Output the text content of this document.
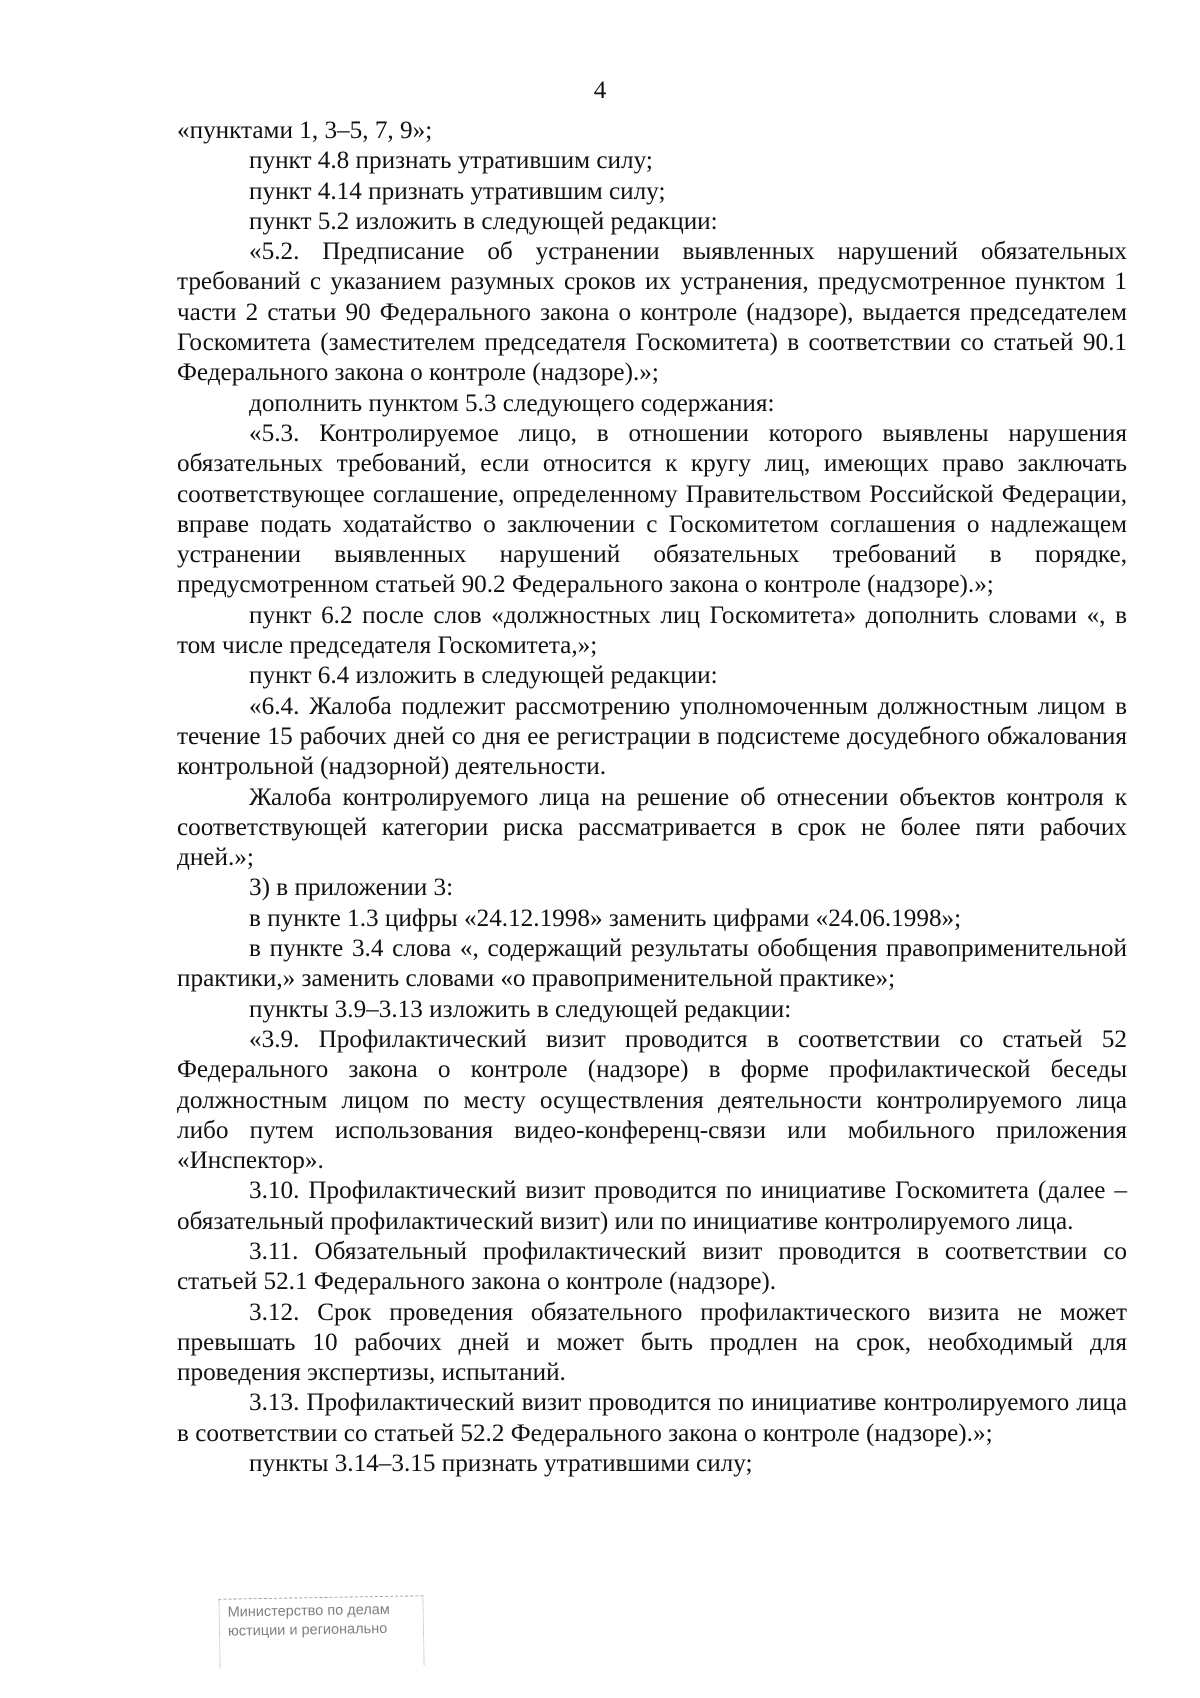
4

«пунктами 1, 3–5, 7, 9»;

пункт 4.8 признать утратившим силу;

пункт 4.14 признать утратившим силу;

пункт 5.2 изложить в следующей редакции:

«5.2. Предписание об устранении выявленных нарушений обязательных требований с указанием разумных сроков их устранения, предусмотренное пунктом 1 части 2 статьи 90 Федерального закона о контроле (надзоре), выдается председателем Госкомитета (заместителем председателя Госкомитета) в соответствии со статьей 90.1 Федерального закона о контроле (надзоре).»;

дополнить пунктом 5.3 следующего содержания:

«5.3. Контролируемое лицо, в отношении которого выявлены нарушения обязательных требований, если относится к кругу лиц, имеющих право заключать соответствующее соглашение, определенному Правительством Российской Федерации, вправе подать ходатайство о заключении с Госкомитетом соглашения о надлежащем устранении выявленных нарушений обязательных требований в порядке, предусмотренном статьей 90.2 Федерального закона о контроле (надзоре).»;

пункт 6.2 после слов «должностных лиц Госкомитета» дополнить словами «, в том числе председателя Госкомитета,»;

пункт 6.4 изложить в следующей редакции:

«6.4. Жалоба подлежит рассмотрению уполномоченным должностным лицом в течение 15 рабочих дней со дня ее регистрации в подсистеме досудебного обжалования контрольной (надзорной) деятельности.

Жалоба контролируемого лица на решение об отнесении объектов контроля к соответствующей категории риска рассматривается в срок не более пяти рабочих дней.»;

3) в приложении 3:

в пункте 1.3 цифры «24.12.1998» заменить цифрами «24.06.1998»;

в пункте 3.4 слова «, содержащий результаты обобщения правоприменительной практики,» заменить словами «о правоприменительной практике»;

пункты 3.9–3.13 изложить в следующей редакции:

«3.9. Профилактический визит проводится в соответствии со статьей 52 Федерального закона о контроле (надзоре) в форме профилактической беседы должностным лицом по месту осуществления деятельности контролируемого лица либо путем использования видео-конференц-связи или мобильного приложения «Инспектор».

3.10. Профилактический визит проводится по инициативе Госкомитета (далее – обязательный профилактический визит) или по инициативе контролируемого лица.

3.11. Обязательный профилактический визит проводится в соответствии со статьей 52.1 Федерального закона о контроле (надзоре).

3.12. Срок проведения обязательного профилактического визита не может превышать 10 рабочих дней и может быть продлен на срок, необходимый для проведения экспертизы, испытаний.

3.13. Профилактический визит проводится по инициативе контролируемого лица в соответствии со статьей 52.2 Федерального закона о контроле (надзоре).»;

пункты 3.14–3.15 признать утратившими силу;

Министерство по делам
юстиции и регионально
